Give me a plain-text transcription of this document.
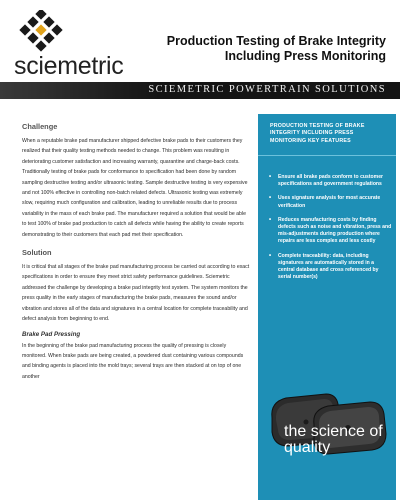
sciemetric
Production Testing of Brake Integrity
Including Press Monitoring
SCIEMETRIC POWERTRAIN SOLUTIONS
Challenge

When a reputable brake pad manufacturer shipped defective brake pads to their customers they realized that their quality testing methods needed to change. This problem was resulting in deteriorating customer satisfaction and increasing warranty, quarantine and charge-back costs. Traditionally testing of brake pads for conformance to specification had been done by random sampling destructive testing and/or ultrasonic testing. Sample destructive testing is very expensive and not 100% effective in controlling non-batch related defects. Ultrasonic testing was extremely slow, requiring much configuration and calibration, leading to unreliable results due to process variability in the mass of each brake pad. The manufacturer required a solution that would be able to test 100% of brake pad production to catch all defects while having the ability to create reports demonstrating to their customers that each pad met their specification.

Solution

It is critical that all stages of the brake pad manufacturing process be carried out according to exact specifications in order to ensure they meet strict safety performance guidelines. Sciemetric addressed the challenge by developing a brake pad integrity test system. The system monitors the press quality in the early stages of manufacturing the brake pads, measures the sound and/or vibration and stores all of the data and signatures in a central location for complete traceability and defect analysis from beginning to end.

Brake Pad Pressing

In the beginning of the brake pad manufacturing process the quality of pressing is closely monitored. When brake pads are being created, a powdered dust containing various compounds and binding agents is placed into the mold trays; several trays are then stacked at on top of one another

PRODUCTION TESTING OF BRAKE INTEGRITY INCLUDING PRESS MONITORING KEY FEATURES
• Ensure all brake pads conform to customer specifications and government regulations
• Uses signature analysis for most accurate verification
• Reduces manufacturing costs by finding defects such as noise and vibration, press and mis-adjustments during production where repairs are less complex and less costly
• Complete traceability: data, including signatures are automatically stored in a central database and cross referenced by serial number(s)
the science of
quality
